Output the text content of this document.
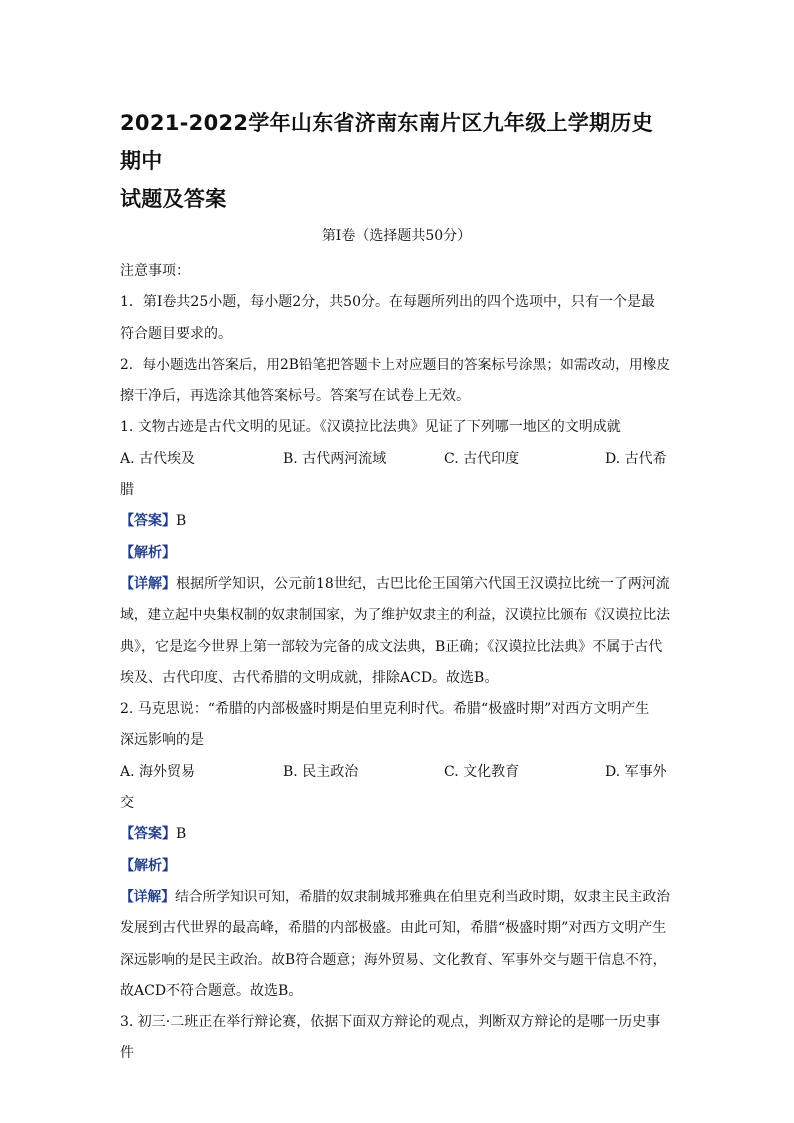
2021-2022学年山东省济南东南片区九年级上学期历史期中
试题及答案
第Ⅰ卷（选择题共50分）

注意事项：

1．第Ⅰ卷共25小题，每小题2分，共50分。在每题所列出的四个选项中，只有一个是最

符合题目要求的。

2．每小题选出答案后，用2B铅笔把答题卡上对应题目的答案标号涂黑；如需改动，用橡皮

擦干净后，再选涂其他答案标号。答案写在试卷上无效。

1. 文物古迹是古代文明的见证。《汉谟拉比法典》见证了下列哪一地区的文明成就

A. 古代埃及	B. 古代两河流域	C. 古代印度	D. 古代希

腊

【答案】B

【解析】

【详解】根据所学知识，公元前18世纪，古巴比伦王国第六代国王汉谟拉比统一了两河流

域，建立起中央集权制的奴隶制国家，为了维护奴隶主的利益，汉谟拉比颁布《汉谟拉比法

典》，它是迄今世界上第一部较为完备的成文法典，B正确；《汉谟拉比法典》不属于古代

埃及、古代印度、古代希腊的文明成就，排除ACD。故选B。

2. 马克思说：“希腊的内部极盛时期是伯里克利时代。希腊“极盛时期”对西方文明产生

深远影响的是

A. 海外贸易	B. 民主政治	C. 文化教育	D. 军事外

交

【答案】B

【解析】

【详解】结合所学知识可知，希腊的奴隶制城邦雅典在伯里克利当政时期，奴隶主民主政治

发展到古代世界的最高峰，希腊的内部极盛。由此可知，希腊“极盛时期”对西方文明产生

深远影响的是民主政治。故B符合题意；海外贸易、文化教育、军事外交与题干信息不符，

故ACD不符合题意。故选B。

3. 初三·二班正在举行辩论赛，依据下面双方辩论的观点，判断双方辩论的是哪一历史事

件
